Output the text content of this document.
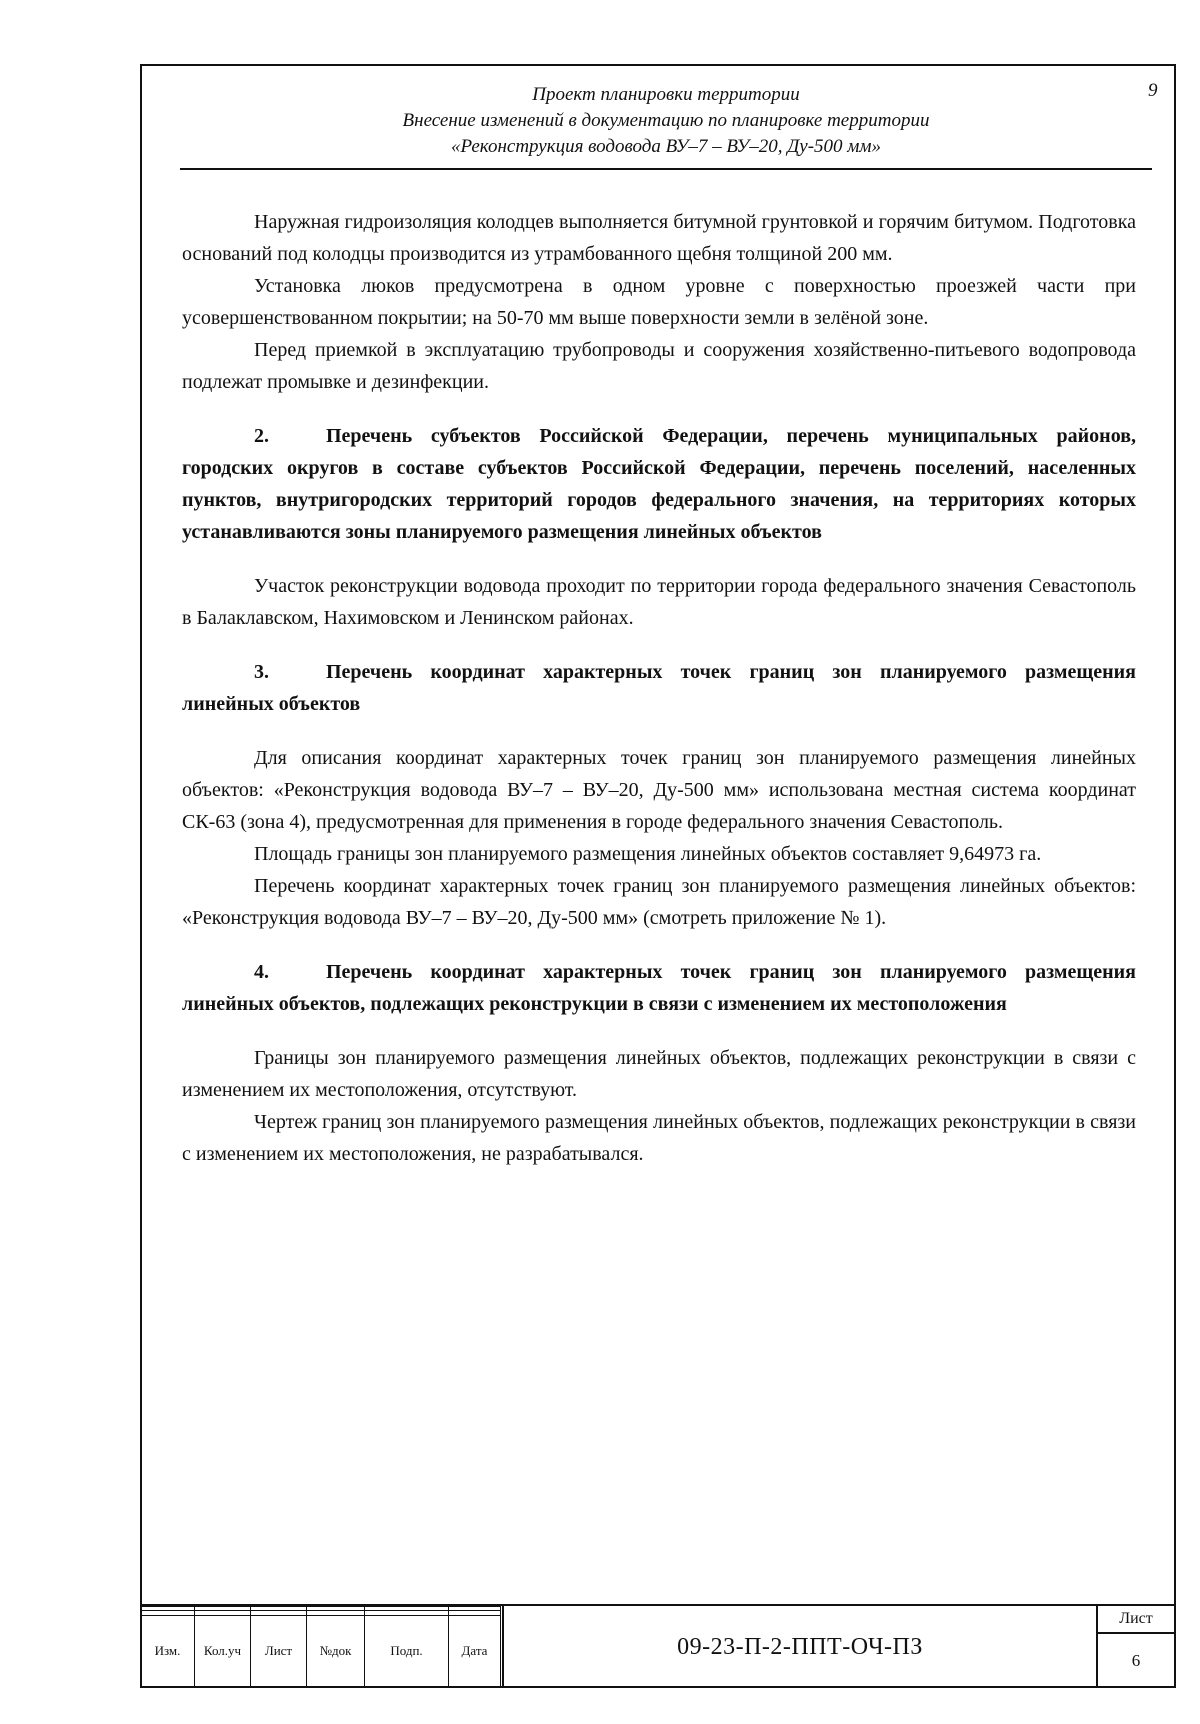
Проект планировки территории
Внесение изменений в документацию по планировке территории
«Реконструкция водовода ВУ–7 – ВУ–20, Ду-500 мм»
9

Наружная гидроизоляция колодцев выполняется битумной грунтовкой и горячим битумом. Подготовка оснований под колодцы производится из утрамбованного щебня толщиной 200 мм.

Установка люков предусмотрена в одном уровне с поверхностью проезжей части при усовершенствованном покрытии; на 50-70 мм выше поверхности земли в зелёной зоне.

Перед приемкой в эксплуатацию трубопроводы и сооружения хозяйственно-питьевого водопровода подлежат промывке и дезинфекции.

2.	Перечень субъектов Российской Федерации, перечень муниципальных районов, городских округов в составе субъектов Российской Федерации, перечень поселений, населенных пунктов, внутригородских территорий городов федерального значения, на территориях которых устанавливаются зоны планируемого размещения линейных объектов

Участок реконструкции водовода проходит по территории города федерального значения Севастополь в Балаклавском, Нахимовском и Ленинском районах.

3.	Перечень координат характерных точек границ зон планируемого размещения линейных объектов

Для описания координат характерных точек границ зон планируемого размещения линейных объектов: «Реконструкция водовода ВУ–7 – ВУ–20, Ду-500 мм» использована местная система координат СК-63 (зона 4), предусмотренная для применения в городе федерального значения Севастополь.

Площадь границы зон планируемого размещения линейных объектов составляет 9,64973 га.

Перечень координат характерных точек границ зон планируемого размещения линейных объектов: «Реконструкция водовода ВУ–7 – ВУ–20, Ду-500 мм» (смотреть приложение № 1).

4.	Перечень координат характерных точек границ зон планируемого размещения линейных объектов, подлежащих реконструкции в связи с изменением их местоположения

Границы зон планируемого размещения линейных объектов, подлежащих реконструкции в связи с изменением их местоположения, отсутствуют.

Чертеж границ зон планируемого размещения линейных объектов, подлежащих реконструкции в связи с изменением их местоположения, не разрабатывался.

Изм.	Кол.уч	Лист	№док	Подп.	Дата	09-23-П-2-ППТ-ОЧ-ПЗ
Лист
6
